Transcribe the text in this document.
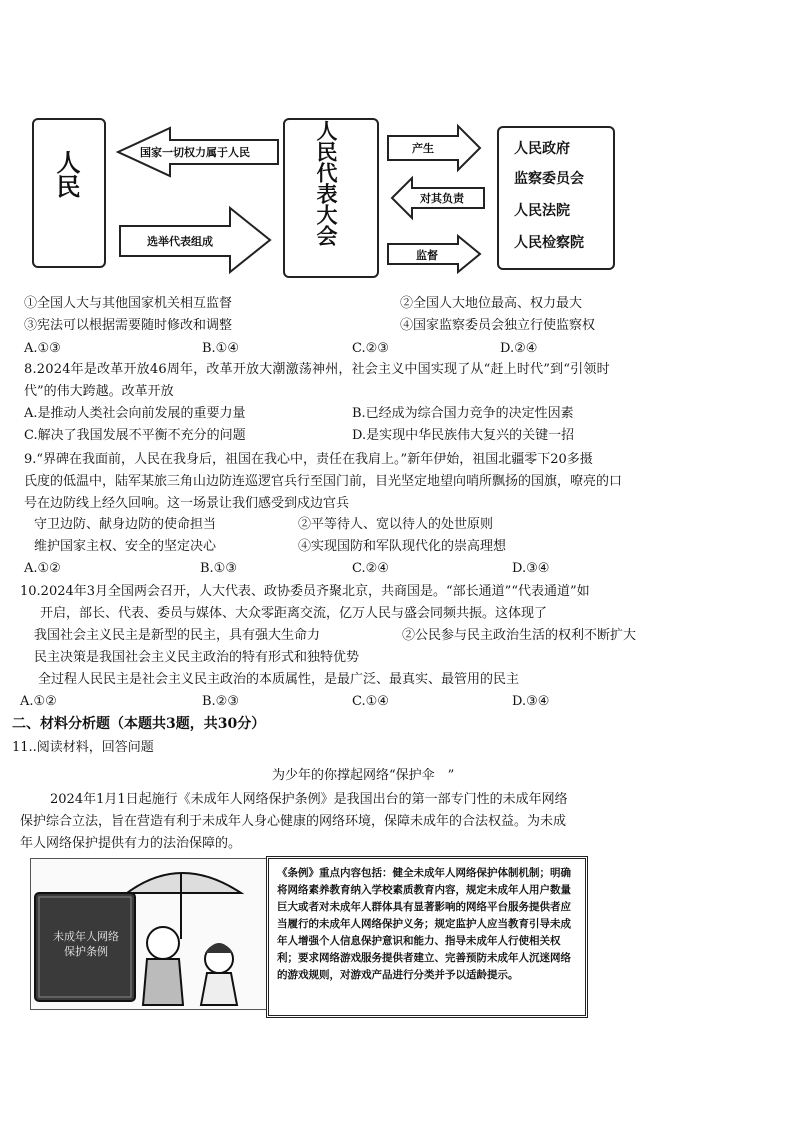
人民	人民代表大会	人民政府
监察委员会
人民法院
人民检察院
国家一切权力属于人民
选举代表组成
产生
对其负责
监督
①全国人大与其他国家机关相互监督	②全国人大地位最高、权力最大
③宪法可以根据需要随时修改和调整	④国家监察委员会独立行使监察权
A.①③	B.①④	C.②③	D.②④
8.2024年是改革开放46周年，改革开放大潮激荡神州，社会主义中国实现了从“赶上时代”到“引领时
代”的伟大跨越。改革开放
A.是推动人类社会向前发展的重要力量	B.已经成为综合国力竞争的决定性因素
C.解决了我国发展不平衡不充分的问题	D.是实现中华民族伟大复兴的关键一招
9.“界碑在我面前，人民在我身后，祖国在我心中，责任在我肩上。”新年伊始，祖国北疆零下20多摄
氏度的低温中，陆军某旅三角山边防连巡逻官兵行至国门前，目光坚定地望向哨所飘扬的国旗，嘹亮的口
号在边防线上经久回响。这一场景让我们感受到戍边官兵
守卫边防、献身边防的使命担当	②平等待人、宽以待人的处世原则
维护国家主权、安全的坚定决心	④实现国防和军队现代化的崇高理想
A.①②	B.①③	C.②④	D.③④
10.2024年3月全国两会召开，人大代表、政协委员齐聚北京，共商国是。“部长通道”“代表通道”如
开启，部长、代表、委员与媒体、大众零距离交流，亿万人民与盛会同频共振。这体现了
我国社会主义民主是新型的民主，具有强大生命力	②公民参与民主政治生活的权利不断扩大
民主决策是我国社会主义民主政治的特有形式和独特优势
全过程人民民主是社会主义民主政治的本质属性，是最广泛、最真实、最管用的民主
A.①②	B.②③	C.①④	D.③④
二、材料分析题（本题共3题，共30分）
11..阅读材料，回答问题
为少年的你撑起网络“保护伞　”
2024年1月1日起施行《未成年人网络保护条例》是我国出台的第一部专门性的未成年网络
保护综合立法，旨在营造有利于未成年人身心健康的网络环境，保障未成年的合法权益。为未成
年人网络保护提供有力的法治保障的。
未成年人网络保护条例
《条例》重点内容包括：健全未成年人网络保护体制机制；明确将网络素养教育纳入学校素质教育内容，规定未成年人用户数量巨大或者对未成年人群体具有显著影响的网络平台服务提供者应当履行的未成年人网络保护义务；规定监护人应当教育引导未成年人增强个人信息保护意识和能力、指导未成年人行使相关权利；要求网络游戏服务提供者建立、完善预防未成年人沉迷网络的游戏规则，对游戏产品进行分类并予以适龄提示。
